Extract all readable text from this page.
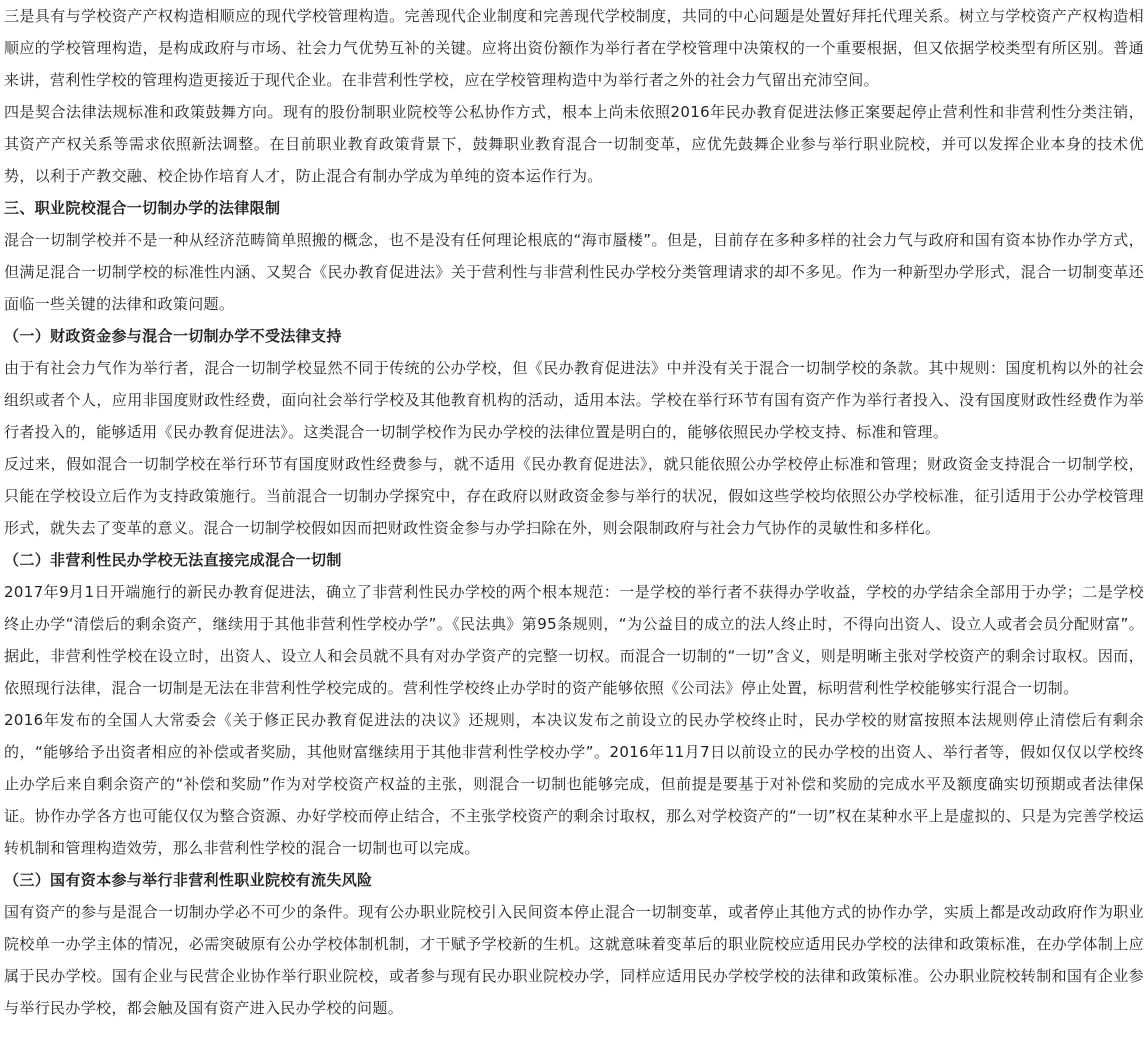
三是具有与学校资产产权构造相顺应的现代学校管理构造。完善现代企业制度和完善现代学校制度，共同的中心问题是处置好拜托代理关系。树立与学校资产产权构造相顺应的学校管理构造，是构成政府与市场、社会力气优势互补的关键。应将出资份额作为举行者在学校管理中决策权的一个重要根据，但又依据学校类型有所区别。普通来讲，营利性学校的管理构造更接近于现代企业。在非营利性学校，应在学校管理构造中为举行者之外的社会力气留出充沛空间。

四是契合法律法规标准和政策鼓舞方向。现有的股份制职业院校等公私协作方式，根本上尚未依照2016年民办教育促进法修正案要起停止营利性和非营利性分类注销，其资产产权关系等需求依照新法调整。在目前职业教育政策背景下，鼓舞职业教育混合一切制变革，应优先鼓舞企业参与举行职业院校，并可以发挥企业本身的技术优势，以利于产教交融、校企协作培育人才，防止混合有制办学成为单纯的资本运作行为。

三、职业院校混合一切制办学的法律限制

混合一切制学校并不是一种从经济范畴简单照搬的概念，也不是没有任何理论根底的“海市蜃楼”。但是，目前存在多种多样的社会力气与政府和国有资本协作办学方式，但满足混合一切制学校的标准性内涵、又契合《民办教育促进法》关于营利性与非营利性民办学校分类管理请求的却不多见。作为一种新型办学形式，混合一切制变革还面临一些关键的法律和政策问题。

（一）财政资金参与混合一切制办学不受法律支持

由于有社会力气作为举行者，混合一切制学校显然不同于传统的公办学校，但《民办教育促进法》中并没有关于混合一切制学校的条款。其中规则：国度机构以外的社会组织或者个人，应用非国度财政性经费，面向社会举行学校及其他教育机构的活动，适用本法。学校在举行环节有国有资产作为举行者投入、没有国度财政性经费作为举行者投入的，能够适用《民办教育促进法》。这类混合一切制学校作为民办学校的法律位置是明白的，能够依照民办学校支持、标准和管理。

反过来，假如混合一切制学校在举行环节有国度财政性经费参与，就不适用《民办教育促进法》，就只能依照公办学校停止标准和管理；财政资金支持混合一切制学校，只能在学校设立后作为支持政策施行。当前混合一切制办学探究中，存在政府以财政资金参与举行的状况，假如这些学校均依照公办学校标准，征引适用于公办学校管理形式，就失去了变革的意义。混合一切制学校假如因而把财政性资金参与办学扫除在外，则会限制政府与社会力气协作的灵敏性和多样化。

（二）非营利性民办学校无法直接完成混合一切制

2017年9月1日开端施行的新民办教育促进法，确立了非营利性民办学校的两个根本规范：一是学校的举行者不获得办学收益，学校的办学结余全部用于办学；二是学校终止办学“清偿后的剩余资产，继续用于其他非营利性学校办学”。《民法典》第95条规则，“为公益目的成立的法人终止时，不得向出资人、设立人或者会员分配财富”。据此，非营利性学校在设立时，出资人、设立人和会员就不具有对办学资产的完整一切权。而混合一切制的“一切”含义，则是明晰主张对学校资产的剩余讨取权。因而，依照现行法律，混合一切制是无法在非营利性学校完成的。营利性学校终止办学时的资产能够依照《公司法》停止处置，标明营利性学校能够实行混合一切制。

2016年发布的全国人大常委会《关于修正民办教育促进法的决议》还规则，本决议发布之前设立的民办学校终止时，民办学校的财富按照本法规则停止清偿后有剩余的，“能够给予出资者相应的补偿或者奖励，其他财富继续用于其他非营利性学校办学”。2016年11月7日以前设立的民办学校的出资人、举行者等，假如仅仅以学校终止办学后来自剩余资产的“补偿和奖励”作为对学校资产权益的主张，则混合一切制也能够完成，但前提是要基于对补偿和奖励的完成水平及额度确实切预期或者法律保证。协作办学各方也可能仅仅为整合资源、办好学校而停止结合，不主张学校资产的剩余讨取权，那么对学校资产的“一切”权在某种水平上是虚拟的、只是为完善学校运转机制和管理构造效劳，那么非营利性学校的混合一切制也可以完成。

（三）国有资本参与举行非营利性职业院校有流失风险

国有资产的参与是混合一切制办学必不可少的条件。现有公办职业院校引入民间资本停止混合一切制变革，或者停止其他方式的协作办学，实质上都是改动政府作为职业院校单一办学主体的情况，必需突破原有公办学校体制机制，才干赋予学校新的生机。这就意味着变革后的职业院校应适用民办学校的法律和政策标准，在办学体制上应属于民办学校。国有企业与民营企业协作举行职业院校，或者参与现有民办职业院校办学，同样应适用民办学校学校的法律和政策标准。公办职业院校转制和国有企业参与举行民办学校，都会触及国有资产进入民办学校的问题。
